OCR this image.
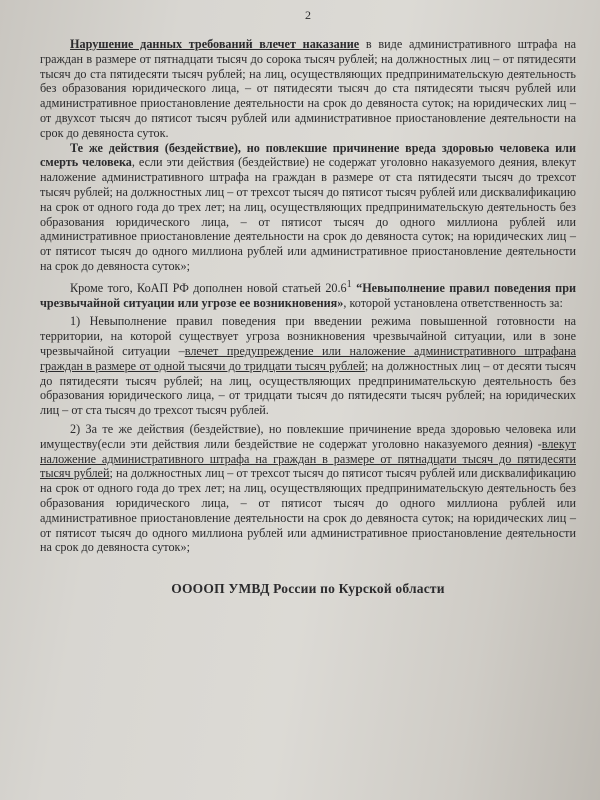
2

Нарушение данных требований влечет наказание в виде административного штрафа на граждан в размере от пятнадцати тысяч до сорока тысяч рублей; на должностных лиц – от пятидесяти тысяч до ста пятидесяти тысяч рублей; на лиц, осуществляющих предпринимательскую деятельность без образования юридического лица, – от пятидесяти тысяч до ста пятидесяти тысяч рублей или административное приостановление деятельности на срок до девяноста суток; на юридических лиц – от двухсот тысяч до пятисот тысяч рублей или административное приостановление деятельности на срок до девяноста суток.

Те же действия (бездействие), но повлекшие причинение вреда здоровью человека или смерть человека, если эти действия (бездействие) не содержат уголовно наказуемого деяния, влекут наложение административного штрафа на граждан в размере от ста пятидесяти тысяч до трехсот тысяч рублей; на должностных лиц – от трехсот тысяч до пятисот тысяч рублей или дисквалификацию на срок от одного года до трех лет; на лиц, осуществляющих предпринимательскую деятельность без образования юридического лица, – от пятисот тысяч до одного миллиона рублей или административное приостановление деятельности на срок до девяноста суток; на юридических лиц – от пятисот тысяч до одного миллиона рублей или административное приостановление деятельности на срок до девяноста суток»;

Кроме того, КоАП РФ дополнен новой статьей 20.6$^1$ “Невыполнение правил поведения при чрезвычайной ситуации или угрозе ее возникновения», которой установлена ответственность за:

1) Невыполнение правил поведения при введении режима повышенной готовности на территории, на которой существует угроза возникновения чрезвычайной ситуации, или в зоне чрезвычайной ситуации –влечет предупреждение или наложение административного штрафана граждан в размере от одной тысячи до тридцати тысяч рублей; на должностных лиц – от десяти тысяч до пятидесяти тысяч рублей; на лиц, осуществляющих предпринимательскую деятельность без образования юридического лица, – от тридцати тысяч до пятидесяти тысяч рублей; на юридических лиц – от ста тысяч до трехсот тысяч рублей.

2) За те же действия (бездействие), но повлекшие причинение вреда здоровью человека или имуществу(если эти действия лили бездействие не содержат уголовно наказуемого деяния) -влекут наложение административного штрафа на граждан в размере от пятнадцати тысяч до пятидесяти тысяч рублей; на должностных лиц – от трехсот тысяч до пятисот тысяч рублей или дисквалификацию на срок от одного года до трех лет; на лиц, осуществляющих предпринимательскую деятельность без образования юридического лица, – от пятисот тысяч до одного миллиона рублей или административное приостановление деятельности на срок до девяноста суток; на юридических лиц – от пятисот тысяч до одного миллиона рублей или административное приостановление деятельности на срок до девяноста суток»;

ООООП УМВД России по Курской области
